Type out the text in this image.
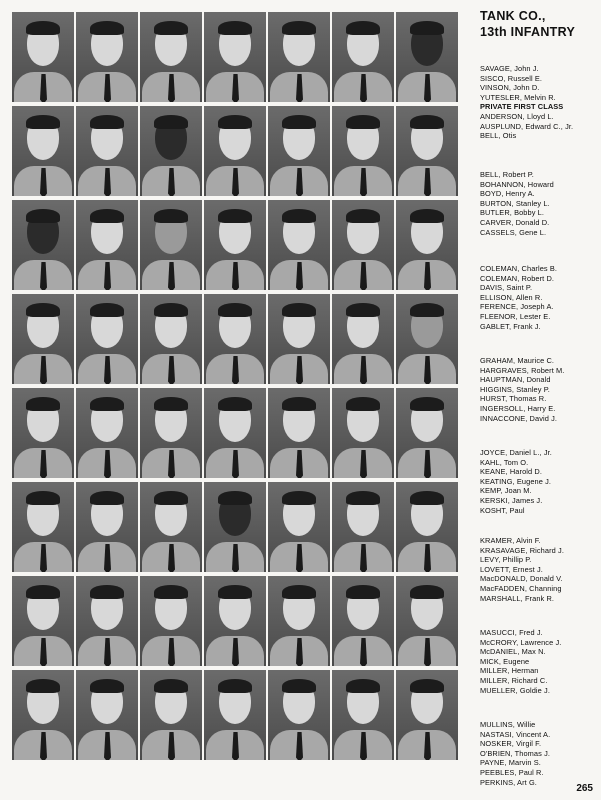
TANK CO.,
13th INFANTRY
SAVAGE, John J.
SISCO, Russell E.
VINSON, John D.
YUTESLER, Melvin R.
PRIVATE FIRST CLASS
ANDERSON, Lloyd L.
AUSPLUND, Edward C., Jr.
BELL, Otis
BELL, Robert P.
BOHANNON, Howard
BOYD, Henry A.
BURTON, Stanley L.
BUTLER, Bobby L.
CARVER, Donald D.
CASSELS, Gene L.
COLEMAN, Charles B.
COLEMAN, Robert D.
DAVIS, Saint P.
ELLISON, Allen R.
FERENCE, Joseph A.
FLEENOR, Lester E.
GABLET, Frank J.
GRAHAM, Maurice C.
HARGRAVES, Robert M.
HAUPTMAN, Donald
HIGGINS, Stanley P.
HURST, Thomas R.
INGERSOLL, Harry E.
INNACCONE, David J.
JOYCE, Daniel L., Jr.
KAHL, Tom O.
KEANE, Harold D.
KEATING, Eugene J.
KEMP, Joan M.
KERSKI, James J.
KOSHT, Paul
KRAMER, Alvin F.
KRASAVAGE, Richard J.
LEVY, Phillip P.
LOVETT, Ernest J.
MacDONALD, Donald V.
MacFADDEN, Channing
MARSHALL, Frank R.
MASUCCI, Fred J.
McCRORY, Lawrence J.
McDANIEL, Max N.
MICK, Eugene
MILLER, Herman
MILLER, Richard C.
MUELLER, Goldie J.
MULLINS, Willie
NASTASI, Vincent A.
NOSKER, Virgil F.
O'BRIEN, Thomas J.
PAYNE, Marvin S.
PEEBLES, Paul R.
PERKINS, Art G.
265
